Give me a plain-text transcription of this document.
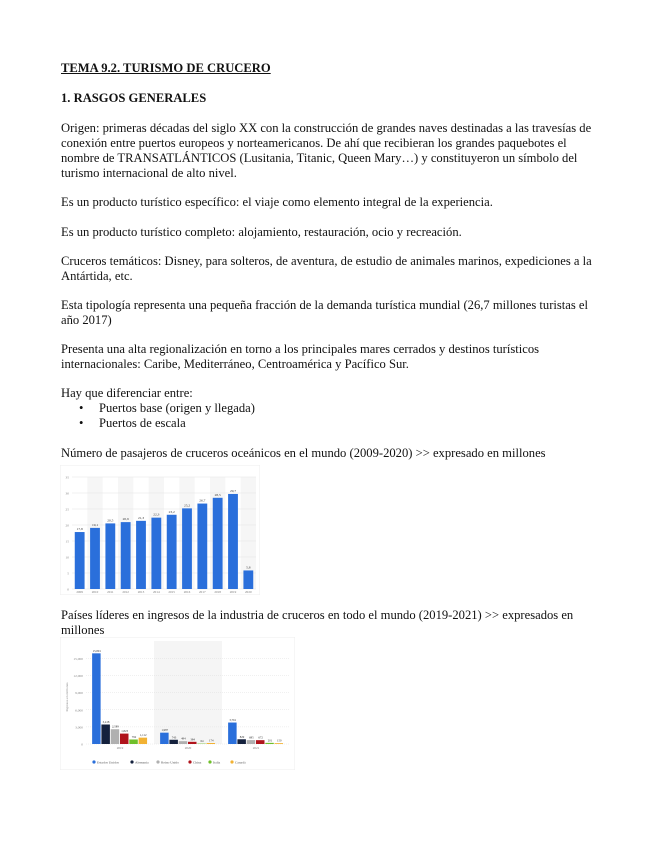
TEMA 9.2. TURISMO DE CRUCERO

1. RASGOS GENERALES

Origen: primeras décadas del siglo XX con la construcción de grandes naves destinadas a las travesías de conexión entre puertos europeos y norteamericanos. De ahí que recibieran los grandes paquebotes el nombre de TRANSATLÁNTICOS (Lusitania, Titanic, Queen Mary…) y constituyeron un símbolo del turismo internacional de alto nivel.

Es un producto turístico específico: el viaje como elemento integral de la experiencia.

Es un producto turístico completo: alojamiento, restauración, ocio y recreación.

Cruceros temáticos: Disney, para solteros, de aventura, de estudio de animales marinos, expediciones a la Antártida, etc.

Esta tipología representa una pequeña fracción de la demanda turística mundial (26,7 millones turistas el año 2017)

Presenta una alta regionalización en torno a los principales mares cerrados y destinos turísticos internacionales: Caribe, Mediterráneo, Centroamérica y Pacífico Sur.

Hay que diferenciar entre:

• Puertos base (origen y llegada)
• Puertos de escala

Número de pasajeros de cruceros oceánicos en el mundo (2009-2020) >> expresado en millones

0
5
10
15
20
25
30
35
17,8
2009
19,1
2010
20,5
2011
20,9
2012
21,3
2013
22,3
2014
23,2
2015
25,2
2016
26,7
2017
28,5
2018
29,7
2019
5,8
2020

Países líderes en ingresos de la industria de cruceros en todo el mundo (2019-2021) >> expresados en millones

0
3,000
6,000
9,000
12,000
15,000
Ingresos en millones
15,891
3,418
2,589
1,823
792 1,112
2019
1,987
743 494 384 64 174
2020
3,761
829 685 672
201 150
2021
Estados Unidos	Alemania	Reino Unido	China	Italia	Canadá
